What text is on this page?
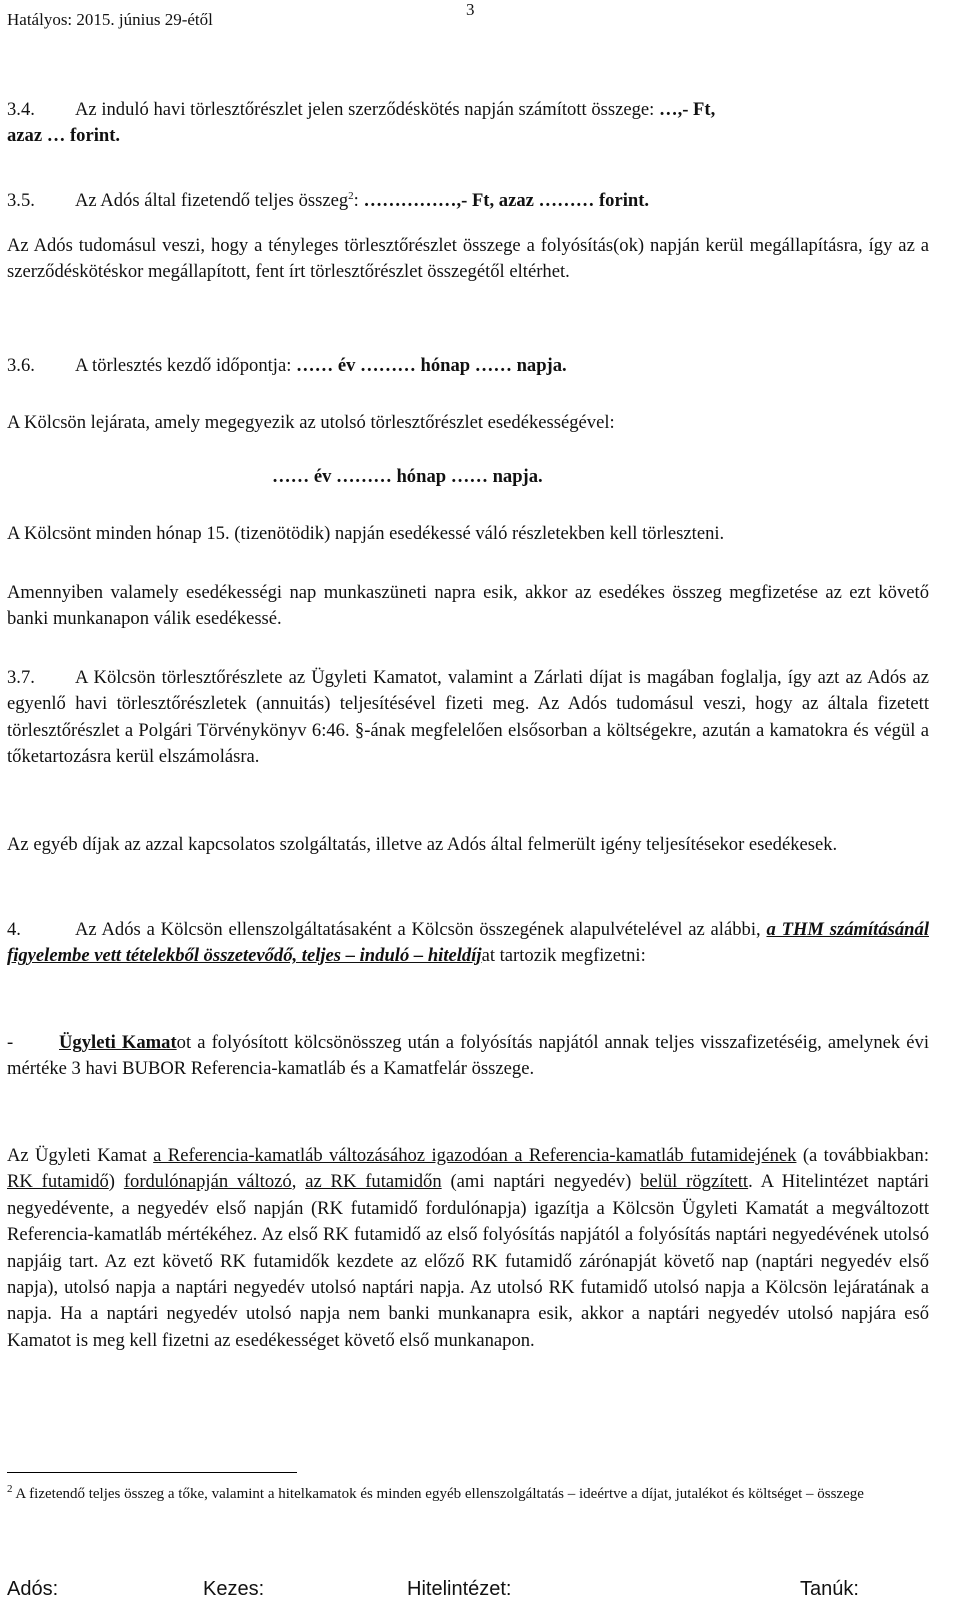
Hatályos: 2015. június 29-étől
3
3.4. Az induló havi törlesztőrészlet jelen szerződéskötés napján számított összege: …,- Ft,
azaz … forint.
3.5. Az Adós által fizetendő teljes összeg$^2$: ……………,- Ft, azaz ……… forint.
Az Adós tudomásul veszi, hogy a tényleges törlesztőrészlet összege a folyósítás(ok) napján kerül megállapításra, így az a szerződéskötéskor megállapított, fent írt törlesztőrészlet összegétől eltérhet.
3.6. A törlesztés kezdő időpontja: …… év ……… hónap …… napja.
A Kölcsön lejárata, amely megegyezik az utolsó törlesztőrészlet esedékességével:
…… év ……… hónap …… napja.
A Kölcsönt minden hónap 15. (tizenötödik) napján esedékessé váló részletekben kell törleszteni.
Amennyiben valamely esedékességi nap munkaszüneti napra esik, akkor az esedékes összeg megfizetése az ezt követő banki munkanapon válik esedékessé.
3.7. A Kölcsön törlesztőrészlete az Ügyleti Kamatot, valamint a Zárlati díjat is magában foglalja, így azt az Adós az egyenlő havi törlesztőrészletek (annuitás) teljesítésével fizeti meg. Az Adós tudomásul veszi, hogy az általa fizetett törlesztőrészlet a Polgári Törvénykönyv 6:46. §-ának megfelelően elsősorban a költségekre, azután a kamatokra és végül a tőketartozásra kerül elszámolásra.
Az egyéb díjak az azzal kapcsolatos szolgáltatás, illetve az Adós által felmerült igény teljesítésekor esedékesek.
4.	Az Adós a Kölcsön ellenszolgáltatásaként a Kölcsön összegének alapulvételével az alábbi, a THM számításánál figyelembe vett tételekből összetevődő, teljes – induló – hiteldíjat tartozik megfizetni:
- Ügyleti Kamatot a folyósított kölcsönösszeg után a folyósítás napjától annak teljes visszafizetéséig, amelynek évi mértéke 3 havi BUBOR Referencia-kamatláb és a Kamatfelár összege.
Az Ügyleti Kamat a Referencia-kamatláb változásához igazodóan a Referencia-kamatláb futamidejének (a továbbiakban: RK futamidő) fordulónapján változó, az RK futamidőn (ami naptári negyedév) belül rögzített. A Hitelintézet naptári negyedévente, a negyedév első napján (RK futamidő fordulónapja) igazítja a Kölcsön Ügyleti Kamatát a megváltozott Referencia-kamatláb mértékéhez. Az első RK futamidő az első folyósítás napjától a folyósítás naptári negyedévének utolsó napjáig tart. Az ezt követő RK futamidők kezdete az előző RK futamidő zárónapját követő nap (naptári negyedév első napja), utolsó napja a naptári negyedév utolsó naptári napja. Az utolsó RK futamidő utolsó napja a Kölcsön lejáratának a napja. Ha a naptári negyedév utolsó napja nem banki munkanapra esik, akkor a naptári negyedév utolsó napjára eső Kamatot is meg kell fizetni az esedékességet követő első munkanapon.
$^2$ A fizetendő teljes összeg a tőke, valamint a hitelkamatok és minden egyéb ellenszolgáltatás – ideértve a díjat, jutalékot és költséget – összege
Adós:	Kezes:	Hitelintézet:	Tanúk:
